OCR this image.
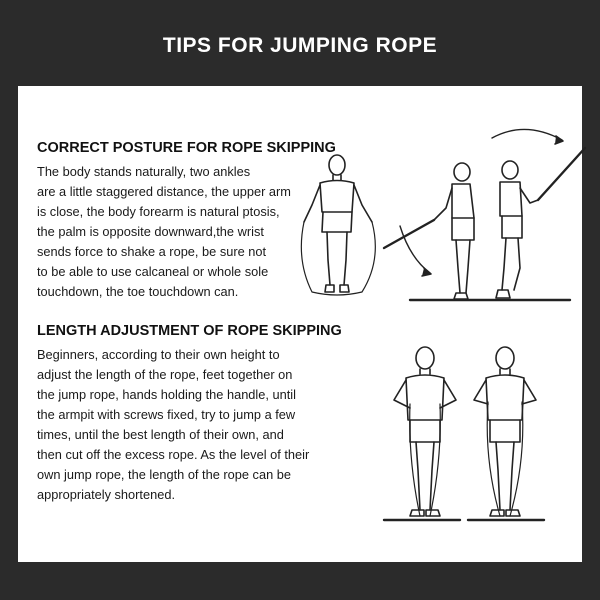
TIPS FOR JUMPING ROPE
CORRECT POSTURE FOR ROPE SKIPPING
The body stands naturally, two ankles
are a little staggered distance, the upper arm
is close, the body forearm is natural ptosis,
the palm is opposite downward,the wrist
sends force to shake a rope, be sure not
to be able to use calcaneal or whole sole
touchdown, the toe touchdown can.
LENGTH ADJUSTMENT OF ROPE SKIPPING
Beginners, according to their own height to
adjust the length of the rope, feet together on
the jump rope, hands holding the handle, until
the armpit with screws fixed, try to jump a few
times, until the best length of their own, and
then cut off the excess rope. As the level of their
own jump rope, the length of the rope can be
appropriately shortened.
